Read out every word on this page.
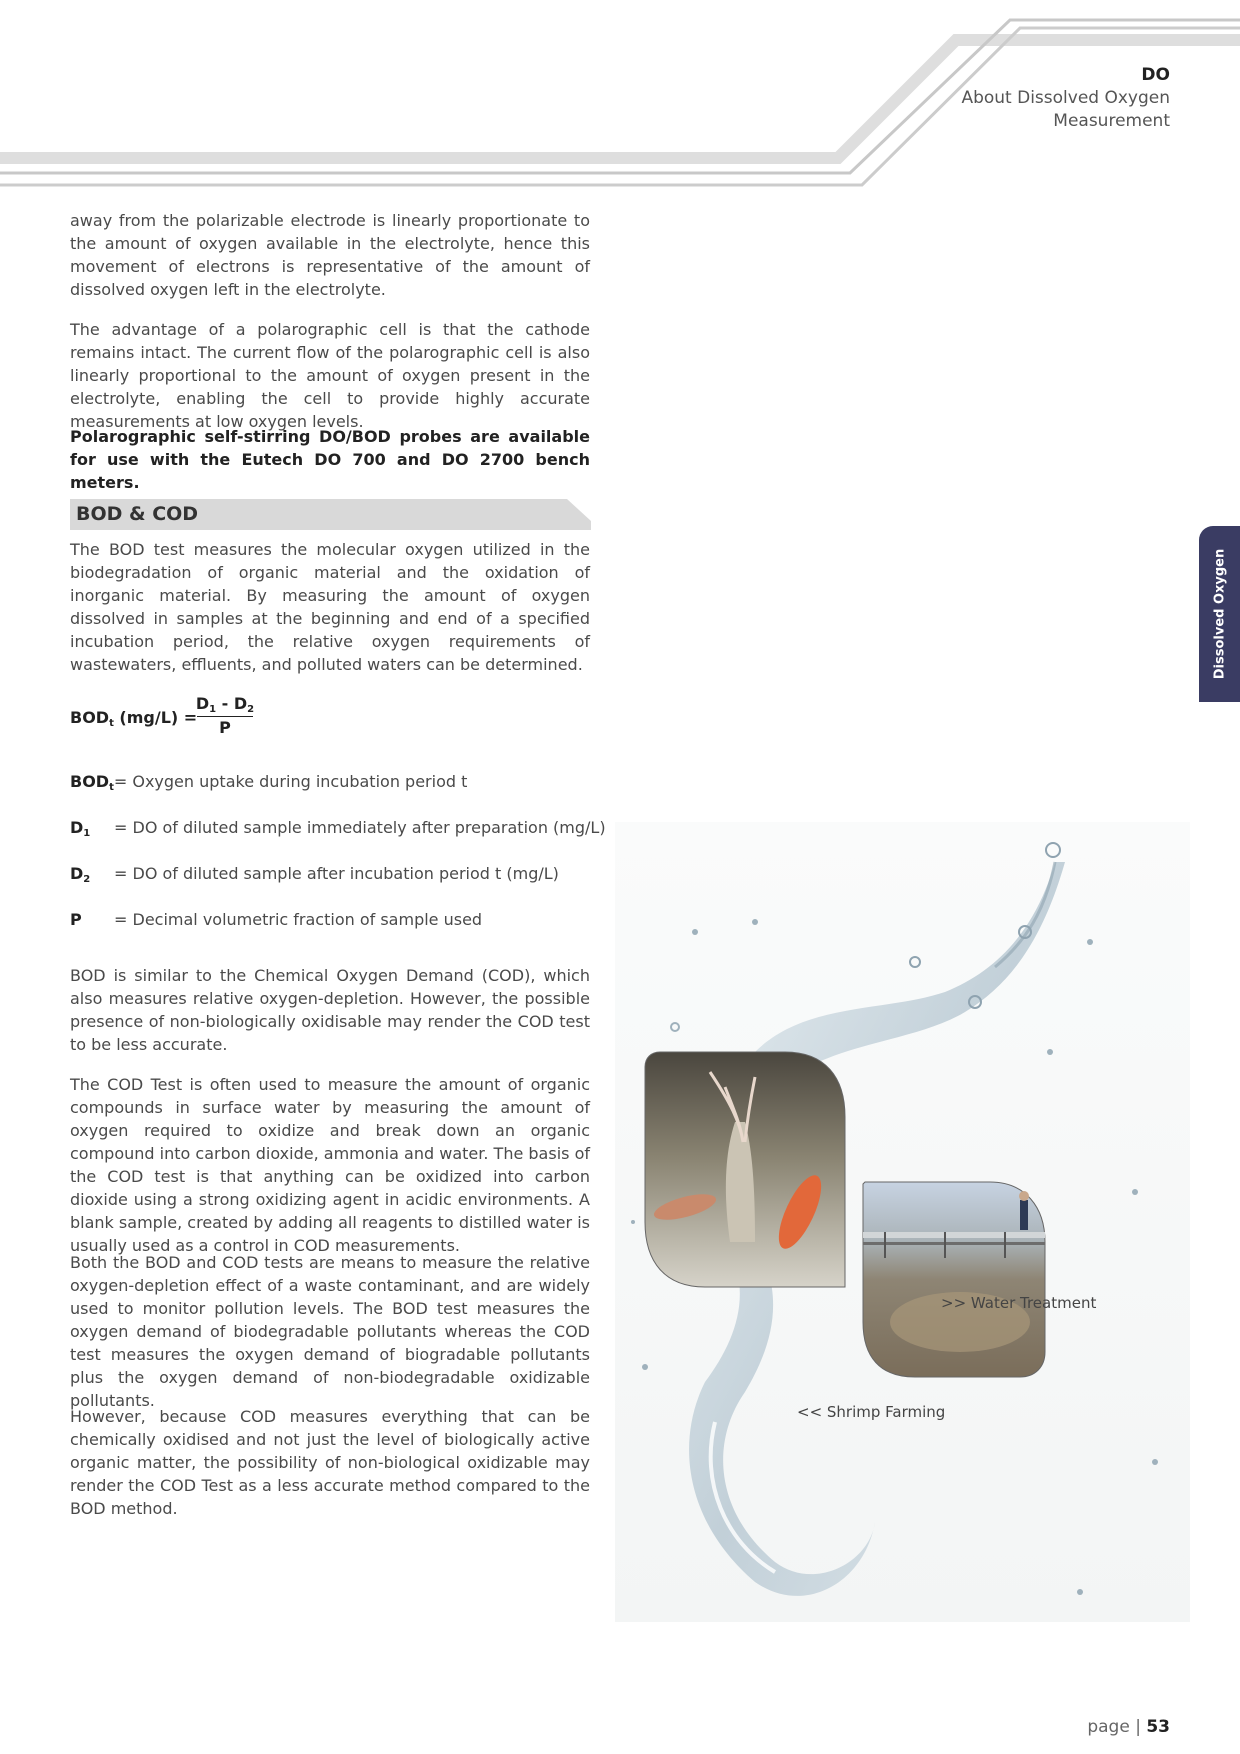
DO
About Dissolved Oxygen
Measurement
Dissolved Oxygen
away from the polarizable electrode is linearly proportionate to the amount of oxygen available in the electrolyte, hence this movement of electrons is representative of the amount of dissolved oxygen left in the electrolyte.
The advantage of a polarographic cell is that the cathode remains intact. The current flow of the polarographic cell is also linearly proportional to the amount of oxygen present in the electrolyte, enabling the cell to provide highly accurate measurements at low oxygen levels.
Polarographic self-stirring DO/BOD probes are available for use with the Eutech DO 700 and DO 2700 bench meters.
BOD & COD
The BOD test measures the molecular oxygen utilized in the biodegradation of organic material and the oxidation of inorganic material. By measuring the amount of oxygen dissolved in samples at the beginning and end of a specified incubation period, the relative oxygen requirements of wastewaters, effluents, and polluted waters can be determined.
$BOD_t$ (mg/L) =
$D_1 - D_2$
P
$BOD_t=$ Oxygen uptake during incubation period t
$D_1$ = DO of diluted sample immediately after preparation (mg/L)
$D_2$ = DO of diluted sample after incubation period t (mg/L)
P = Decimal volumetric fraction of sample used
BOD is similar to the Chemical Oxygen Demand (COD), which also measures relative oxygen-depletion. However, the possible presence of non-biologically oxidisable may render the COD test to be less accurate.
The COD Test is often used to measure the amount of organic compounds in surface water by measuring the amount of oxygen required to oxidize and break down an organic compound into carbon dioxide, ammonia and water. The basis of the COD test is that anything can be oxidized into carbon dioxide using a strong oxidizing agent in acidic environments. A blank sample, created by adding all reagents to distilled water is usually used as a control in COD measurements.
Both the BOD and COD tests are means to measure the relative oxygen-depletion effect of a waste contaminant, and are widely used to monitor pollution levels. The BOD test measures the oxygen demand of biodegradable pollutants whereas the COD test measures the oxygen demand of biogradable pollutants plus the oxygen demand of non-biodegradable oxidizable pollutants.
However, because COD measures everything that can be chemically oxidised and not just the level of biologically active organic matter, the possibility of non-biological oxidizable may render the COD Test as a less accurate method compared to the BOD method.
>> Water Treatment
<< Shrimp Farming
page | 53
